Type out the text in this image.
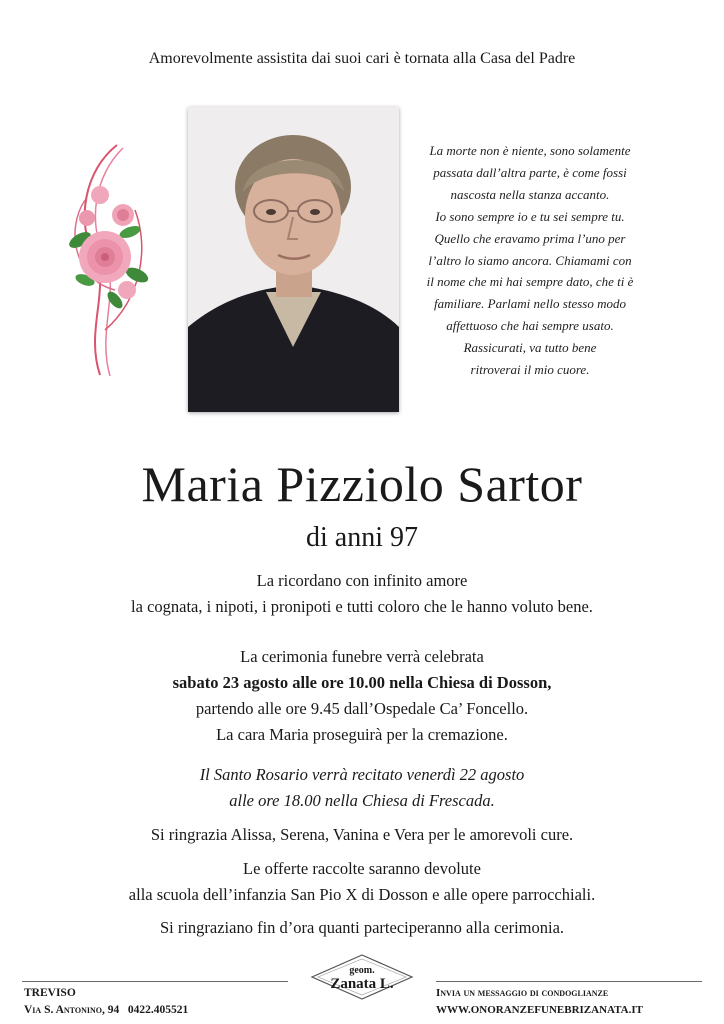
Amorevolmente assistita dai suoi cari è tornata alla Casa del Padre
La morte non è niente, sono solamente
passata dall’altra parte, è come fossi
nascosta nella stanza accanto.
Io sono sempre io e tu sei sempre tu.
Quello che eravamo prima l’uno per
l’altro lo siamo ancora. Chiamami con
il nome che mi hai sempre dato, che ti è
familiare. Parlami nello stesso modo
affettuoso che hai sempre usato.
Rassicurati, va tutto bene
ritroverai il mio cuore.
Maria Pizziolo Sartor
di anni 97
La ricordano con infinito amore
la cognata, i nipoti, i pronipoti e tutti coloro che le hanno voluto bene.
La cerimonia funebre verrà celebrata
sabato 23 agosto alle ore 10.00 nella Chiesa di Dosson,
partendo alle ore 9.45 dall’Ospedale Ca’ Foncello.
La cara Maria proseguirà per la cremazione.
Il Santo Rosario verrà recitato venerdì 22 agosto
alle ore 18.00 nella Chiesa di Frescada.
Si ringrazia Alissa, Serena, Vanina e Vera per le amorevoli cure.
Le offerte raccolte saranno devolute
alla scuola dell’infanzia San Pio X di Dosson e alle opere parrocchiali.
Si ringraziano fin d’ora quanti parteciperanno alla cerimonia.
TREVISO
Via S. Antonino, 94 0422.405521
geom.
Zanata L.
Invia un messaggio di condoglianze
WWW.ONORANZEFUNEBRIZANATA.IT
